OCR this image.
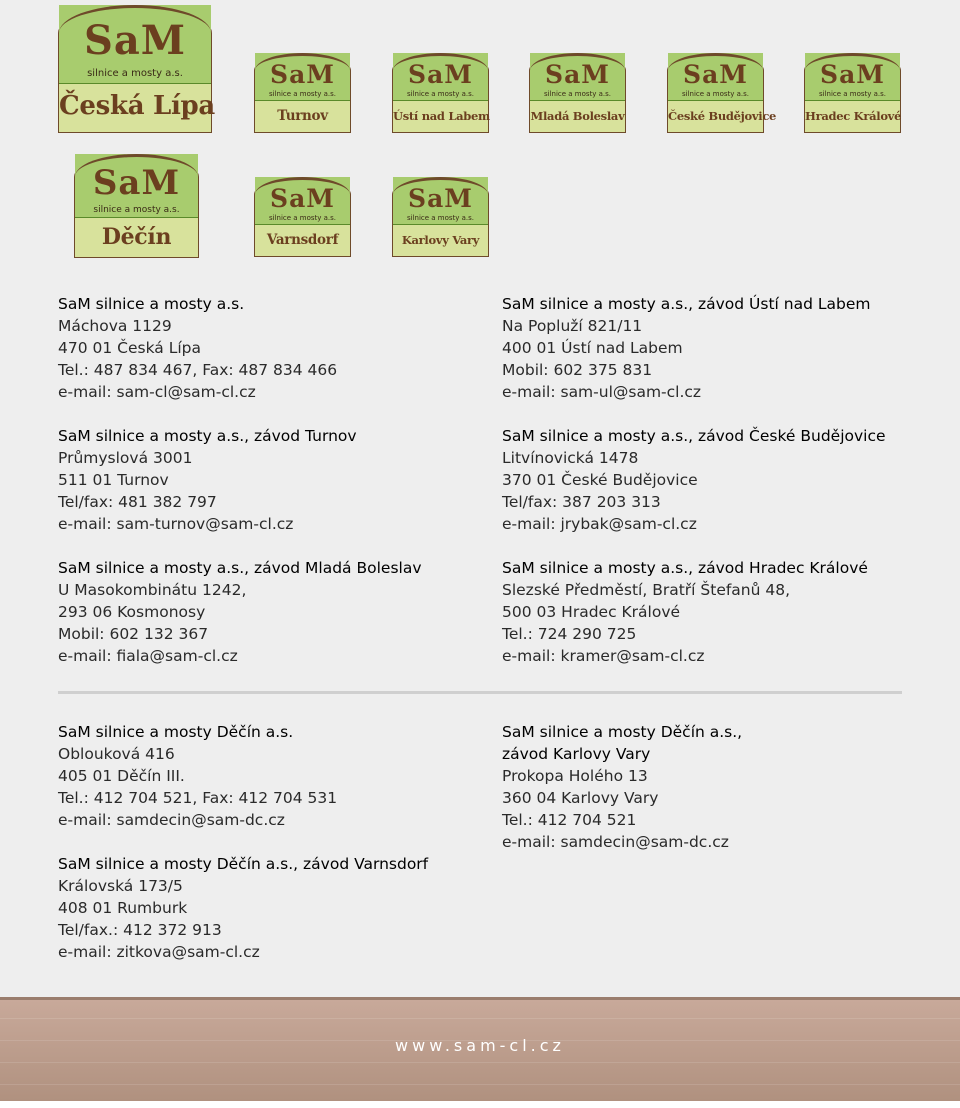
SaM
silnice a mosty a.s.
Česká Lípa
SaM
silnice a mosty a.s.
Turnov
SaM
silnice a mosty a.s.
Ústí nad Labem
SaM
silnice a mosty a.s.
Mladá Boleslav
SaM
silnice a mosty a.s.
České Budějovice
SaM
silnice a mosty a.s.
Hradec Králové
SaM
silnice a mosty a.s.
Děčín
SaM
silnice a mosty a.s.
Varnsdorf
SaM
silnice a mosty a.s.
Karlovy Vary
SaM silnice a mosty a.s.
Máchova 1129
470 01 Česká Lípa
Tel.: 487 834 467, Fax: 487 834 466
e-mail: sam-cl@sam-cl.cz
SaM silnice a mosty a.s., závod Turnov
Průmyslová 3001
511 01 Turnov
Tel/fax: 481 382 797
e-mail: sam-turnov@sam-cl.cz
SaM silnice a mosty a.s., závod Mladá Boleslav
U Masokombinátu 1242,
293 06 Kosmonosy
Mobil: 602 132 367
e-mail: fiala@sam-cl.cz
SaM silnice a mosty a.s., závod Ústí nad Labem
Na Popluží 821/11
400 01 Ústí nad Labem
Mobil: 602 375 831
e-mail: sam-ul@sam-cl.cz
SaM silnice a mosty a.s., závod České Budějovice
Litvínovická 1478
370 01 České Budějovice
Tel/fax: 387 203 313
e-mail: jrybak@sam-cl.cz
SaM silnice a mosty a.s., závod Hradec Králové
Slezské Předměstí, Bratří Štefanů 48,
500 03 Hradec Králové
Tel.: 724 290 725
e-mail: kramer@sam-cl.cz
SaM silnice a mosty Děčín a.s.
Oblouková 416
405 01 Děčín III.
Tel.: 412 704 521, Fax: 412 704 531
e-mail: samdecin@sam-dc.cz
SaM silnice a mosty Děčín a.s., závod Varnsdorf
Královská 173/5
408 01 Rumburk
Tel/fax.: 412 372 913
e-mail: zitkova@sam-cl.cz
SaM silnice a mosty Děčín a.s.,
závod Karlovy Vary
Prokopa Holého 13
360 04 Karlovy Vary
Tel.: 412 704 521
e-mail: samdecin@sam-dc.cz
www.sam-cl.cz
